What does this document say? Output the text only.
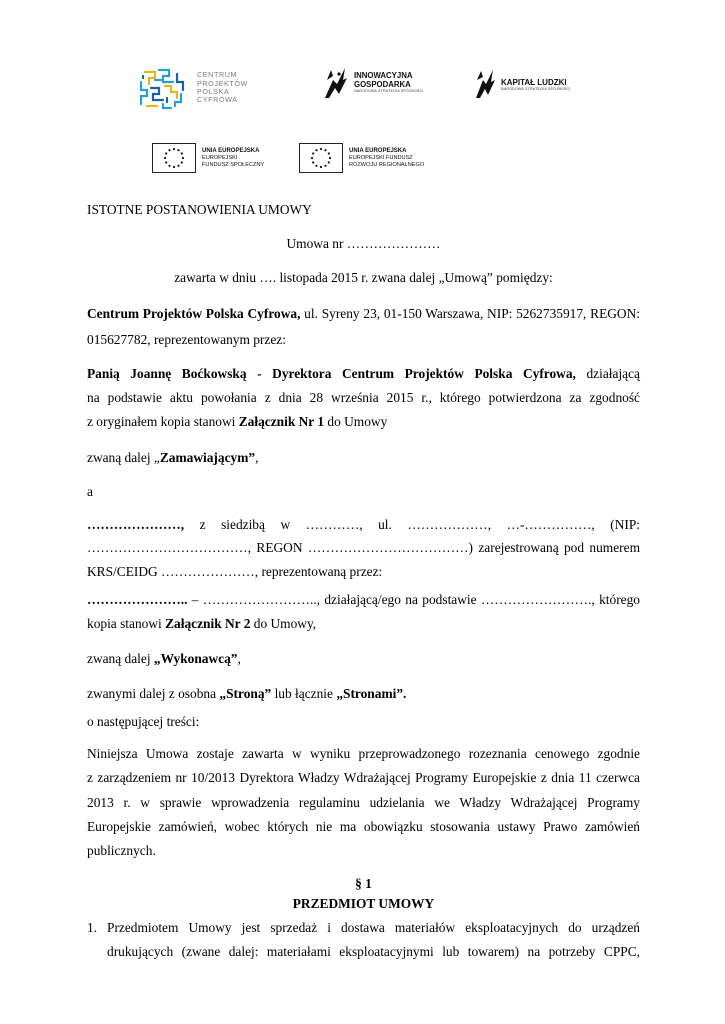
CENTRUM
PROJEKTÓW
POLSKA
CYFROWA
INNOWACYJNA
GOSPODARKA
NARODOWA STRATEGIA SPÓJNOŚCI
KAPITAŁ LUDZKI
NARODOWA STRATEGIA SPÓJNOŚCI
UNIA EUROPEJSKA
EUROPEJSKI
FUNDUSZ SPOŁECZNY
UNIA EUROPEJSKA
EUROPEJSKI FUNDUSZ
ROZWOJU REGIONALNEGO
ISTOTNE POSTANOWIENIA UMOWY
Umowa nr …………………
zawarta w dniu …. listopada 2015 r. zwana dalej „Umową” pomiędzy:
Centrum Projektów Polska Cyfrowa, ul. Syreny 23, 01-150 Warszawa, NIP: 5262735917, REGON:
015627782, reprezentowanym przez:
Panią Joannę Boćkowską - Dyrektora Centrum Projektów Polska Cyfrowa, działającą
na podstawie aktu powołania z dnia 28 września 2015 r., którego potwierdzona za zgodność
z oryginałem kopia stanowi Załącznik Nr 1 do Umowy
zwaną dalej „Zamawiającym”,
a
…………………, z siedzibą w …………, ul. ………………, …-……………, (NIP:
………………………………, REGON ………………………………) zarejestrowaną pod numerem
KRS/CEIDG …………………, reprezentowaną przez:
………………….. – …………………….., działającą/ego na podstawie ……………………., którego
kopia stanowi Załącznik Nr 2 do Umowy,
zwaną dalej „Wykonawcą”,
zwanymi dalej z osobna „Stroną” lub łącznie „Stronami”.
o następującej treści:
Niniejsza Umowa zostaje zawarta w wyniku przeprowadzonego rozeznania cenowego zgodnie
z zarządzeniem nr 10/2013 Dyrektora Władzy Wdrażającej Programy Europejskie z dnia 11 czerwca
2013 r. w sprawie wprowadzenia regulaminu udzielania we Władzy Wdrażającej Programy
Europejskie zamówień, wobec których nie ma obowiązku stosowania ustawy Prawo zamówień
publicznych.
§ 1
PRZEDMIOT UMOWY
1. Przedmiotem Umowy jest sprzedaż i dostawa materiałów eksploatacyjnych do urządzeń
drukujących (zwane dalej: materiałami eksploatacyjnymi lub towarem) na potrzeby CPPC,
